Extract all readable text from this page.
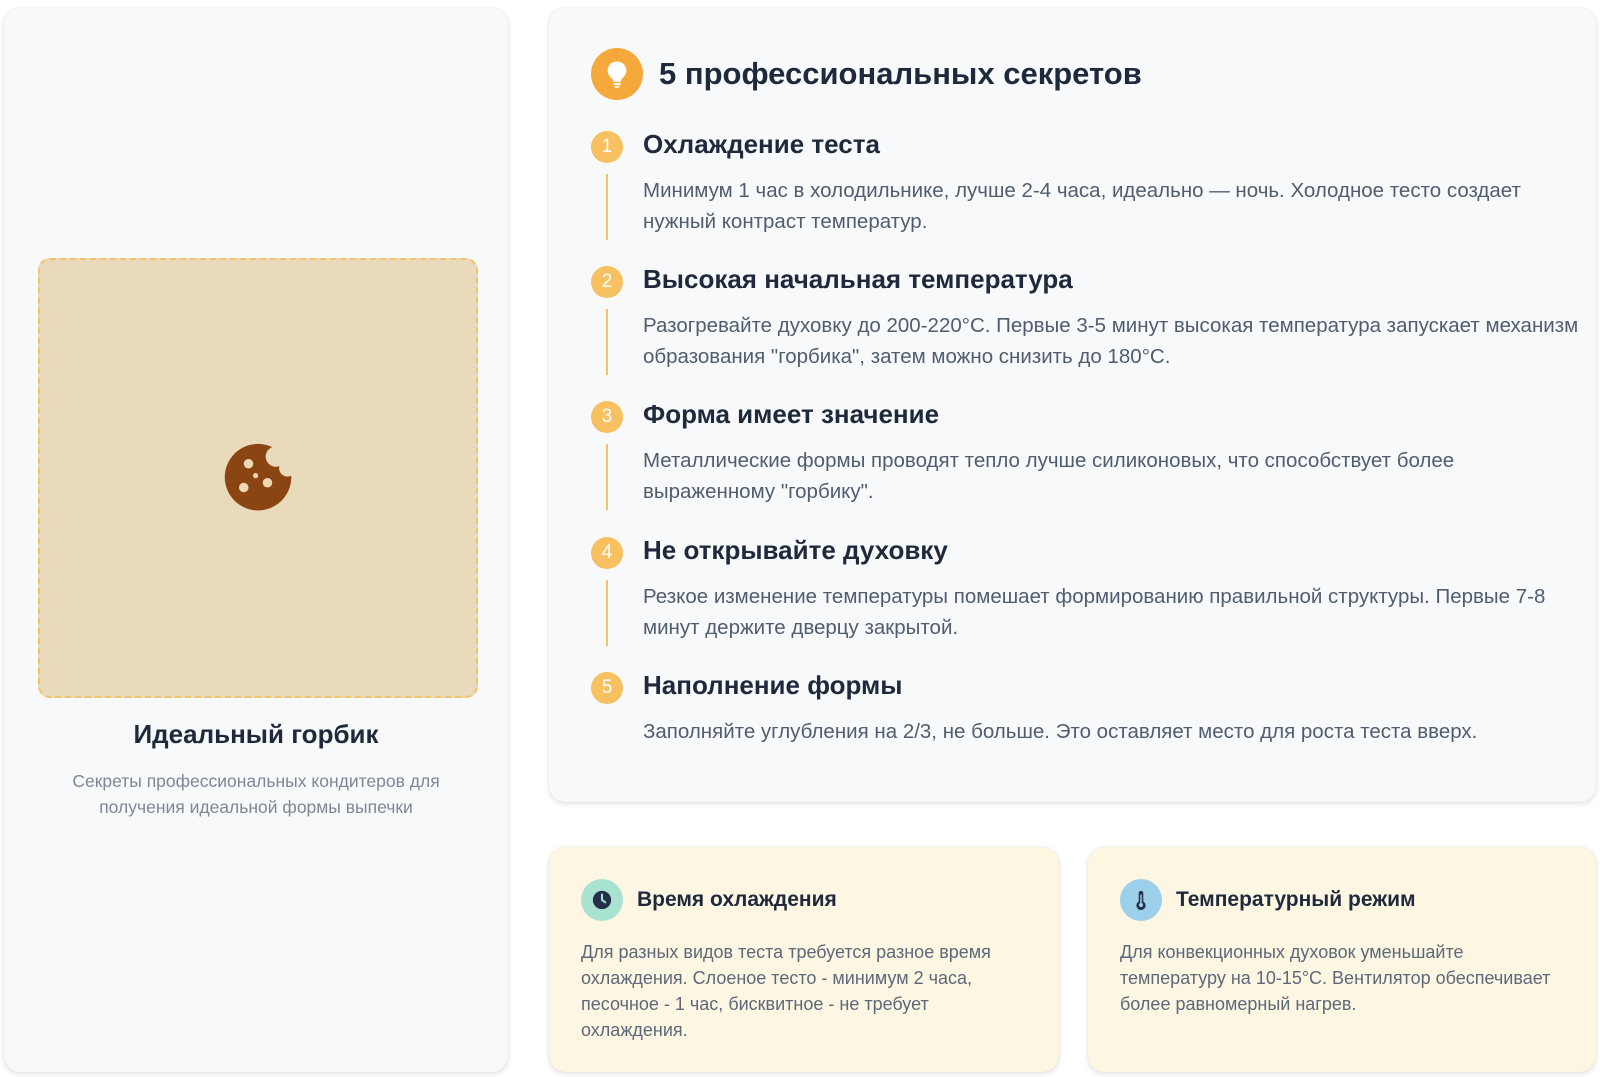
Идеальный горбик
Секреты профессиональных кондитеров для получения идеальной формы выпечки
5 профессиональных секретов
1	Охлаждение теста
Минимум 1 час в холодильнике, лучше 2-4 часа, идеально — ночь. Холодное тесто создает нужный контраст температур.
2	Высокая начальная температура
Разогревайте духовку до 200-220°C. Первые 3-5 минут высокая температура запускает механизм образования "горбика", затем можно снизить до 180°C.
3	Форма имеет значение
Металлические формы проводят тепло лучше силиконовых, что способствует более выраженному "горбику".
4	Не открывайте духовку
Резкое изменение температуры помешает формированию правильной структуры. Первые 7-8 минут держите дверцу закрытой.
5	Наполнение формы
Заполняйте углубления на 2/3, не больше. Это оставляет место для роста теста вверх.
Время охлаждения
Для разных видов теста требуется разное время охлаждения. Слоеное тесто - минимум 2 часа, песочное - 1 час, бисквитное - не требует охлаждения.
Температурный режим
Для конвекционных духовок уменьшайте температуру на 10-15°C. Вентилятор обеспечивает более равномерный нагрев.
